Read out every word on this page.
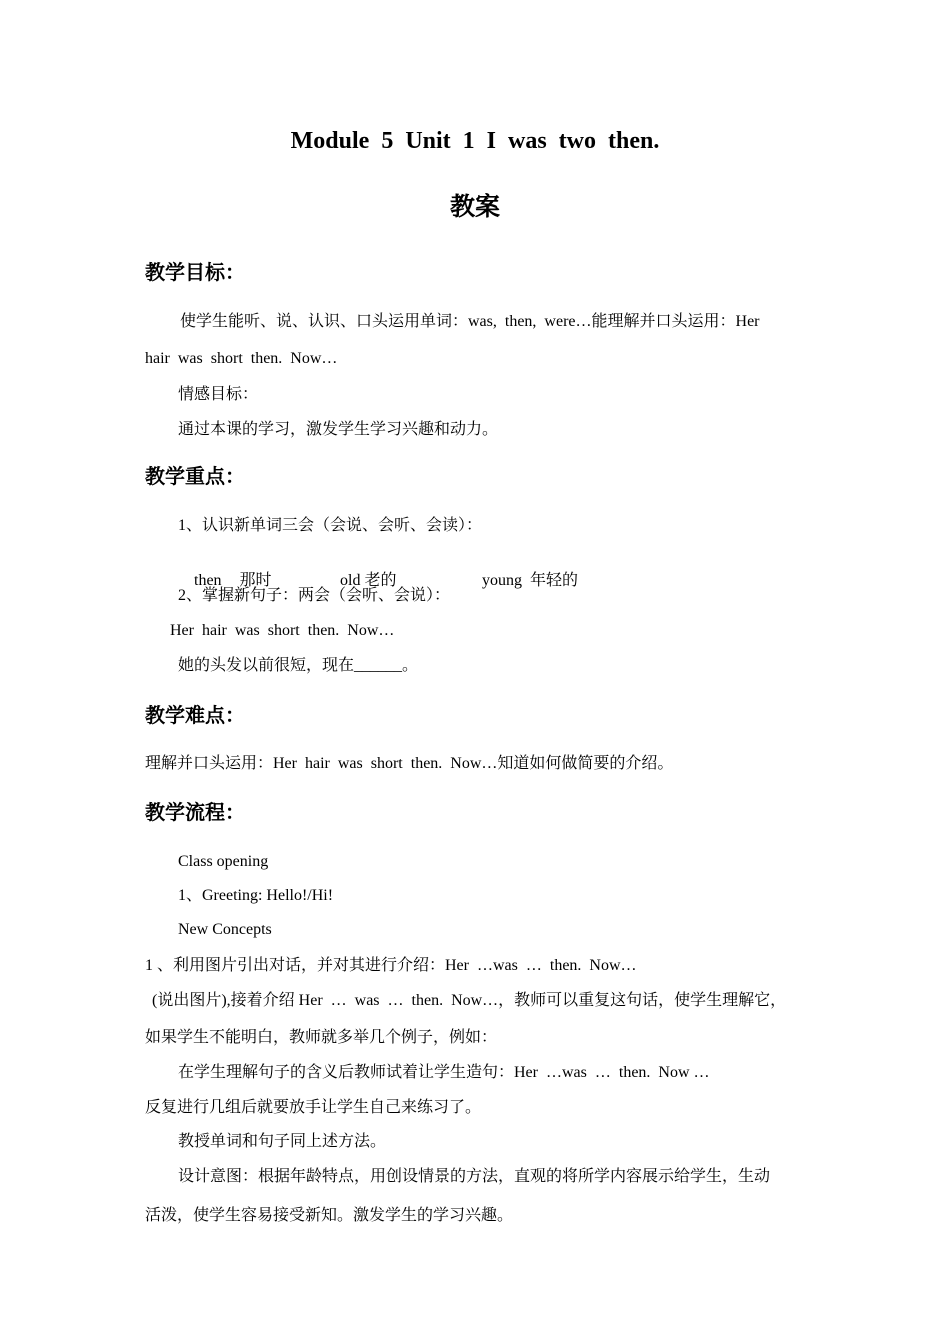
Module 5 Unit 1 I was two then.
教案
教学目标：
使学生能听、说、认识、口头运用单词：was,  then,  were…能理解并口头运用：Her
hair  was  short  then.  Now…
情感目标：
通过本课的学习，激发学生学习兴趣和动力。
教学重点：
1、认识新单词三会（会说、会听、会读）：

then 那时
	old 老的
	young 年轻的

2、掌握新句子：两会（会听、会说）：
Her  hair  was  short  then.  Now…
她的头发以前很短，现在______。
教学难点：
理解并口头运用：Her  hair  was  short  then.  Now…知道如何做简要的介绍。
教学流程：
Class opening
1、Greeting: Hello!/Hi!
New Concepts
1 、利用图片引出对话，并对其进行介绍：Her  …was  …  then.  Now…
(说出图片),接着介绍 Her  …  was  …  then.  Now…，教师可以重复这句话，使学生理解它，
如果学生不能明白，教师就多举几个例子，例如：
在学生理解句子的含义后教师试着让学生造句：Her  …was  …  then.  Now …
反复进行几组后就要放手让学生自己来练习了。
教授单词和句子同上述方法。
设计意图：根据年龄特点，用创设情景的方法，直观的将所学内容展示给学生，生动
活泼，使学生容易接受新知。激发学生的学习兴趣。
